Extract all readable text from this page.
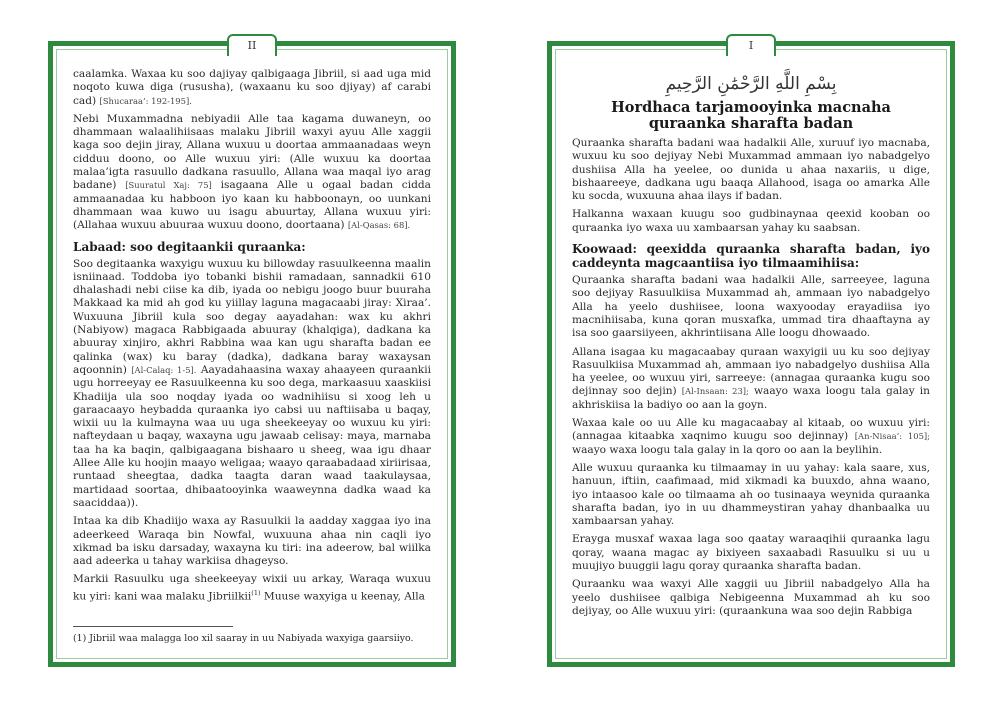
II

caalamka. Waxaa ku soo dajiyay qalbigaaga Jibriil, si aad uga mid noqoto kuwa diga (rususha), (waxaanu ku soo djiyay) af carabi cad) [Shucaraa’: 192-195].

Nebi Muxammadna nebiyadii Alle taa kagama duwaneyn, oo dhammaan walaalihiisaas malaku Jibriil waxyi ayuu Alle xaggii kaga soo dejin jiray, Allana wuxuu u doortaa ammaanadaas weyn cidduu doono, oo Alle wuxuu yiri: (Alle wuxuu ka doortaa malaa’igta rasuullo dadkana rasuullo, Allana waa maqal iyo arag badane) [Suuratul Xaj: 75] isagaana Alle u ogaal badan cidda ammaanadaa ku habboon iyo kaan ku habboonayn, oo uunkani dhammaan waa kuwo uu isagu abuurtay, Allana wuxuu yiri: (Allahaa wuxuu abuuraa wuxuu doono, doortaana) [Al-Qasas: 68].

Labaad: soo degitaankii quraanka:

Soo degitaanka waxyigu wuxuu ku billowday rasuulkeenna maalin isniinaad. Toddoba iyo tobanki bishii ramadaan, sannadkii 610 dhalashadi nebi ciise ka dib, iyada oo nebigu joogo buur buuraha Makkaad ka mid ah god ku yiillay laguna magacaabi jiray: Xiraa’. Wuxuuna Jibriil kula soo degay aayadahan: wax ku akhri (Nabiyow) magaca Rabbigaada abuuray (khalqiga), dadkana ka abuuray xinjiro, akhri Rabbina waa kan ugu sharafta badan ee qalinka (wax) ku baray (dadka), dadkana baray waxaysan aqoonnin) [Al-Calaq: 1-5]. Aayadahaasina waxay ahaayeen quraankii ugu horreeyay ee Rasuulkeenna ku soo dega, markaasuu xaaskiisi Khadiija ula soo noqday iyada oo wadnihiisu si xoog leh u garaacaayo heybadda quraanka iyo cabsi uu naftiisaba u baqay, wixii uu la kulmayna waa uu uga sheekeeyay oo wuxuu ku yiri: nafteydaan u baqay, waxayna ugu jawaab celisay: maya, marnaba taa ha ka baqin, qalbigaagana bishaaro u sheeg, waa igu dhaar Allee Alle ku hoojin maayo weligaa; waayo qaraabadaad xiriirisaa, runtaad sheegtaa, dadka taagta daran waad taakulaysaa, martidaad soortaa, dhibaatooyinka waaweynna dadka waad ka saaciddaa)).

Intaa ka dib Khadiijo waxa ay Rasuulkii la aadday xaggaa iyo ina adeerkeed Waraqa bin Nowfal, wuxuuna ahaa nin caqli iyo xikmad ba isku darsaday, waxayna ku tiri: ina adeerow, bal wiilka aad adeerka u tahay warkiisa dhageyso.

Markii Rasuulku uga sheekeeyay wixii uu arkay, Waraqa wuxuu ku yiri: kani waa malaku Jibriilkii$^{(1)}$ Muuse waxyiga u keenay, Alla

(1) Jibriil waa malagga loo xil saaray in uu Nabiyada waxyiga gaarsiiyo.
I
بِسْمِ اللَّهِ الرَّحْمَٰنِ الرَّحِيمِ
Hordhaca tarjamooyinka macnaha
quraanka sharafta badan

Quraanka sharafta badani waa hadalkii Alle, xuruuf iyo macnaba, wuxuu ku soo dejiyay Nebi Muxammad ammaan iyo nabadgelyo dushiisa Alla ha yeelee, oo dunida u ahaa naxariis, u dige, bishaareeye, dadkana ugu baaqa Allahood, isaga oo amarka Alle ku socda, wuxuuna ahaa ilays if badan.

Halkanna waxaan kuugu soo gudbinaynaa qeexid kooban oo quraanka iyo waxa uu xambaarsan yahay ku saabsan.

Koowaad: qeexidda quraanka sharafta badan, iyo caddeynta magcaantiisa iyo tilmaamihiisa:

Quraanka sharafta badani waa hadalkii Alle, sarreeyee, laguna soo dejiyay Rasuulkiisa Muxammad ah, ammaan iyo nabadgelyo Alla ha yeelo dushiisee, loona waxyooday erayadiisa iyo macnihiisaba, kuna qoran musxafka, ummad tira dhaaftayna ay isa soo gaarsiiyeen, akhrintiisana Alle loogu dhowaado.

Allana isagaa ku magacaabay quraan waxyigii uu ku soo dejiyay Rasuulkiisa Muxammad ah, ammaan iyo nabadgelyo dushiisa Alla ha yeelee, oo wuxuu yiri, sarreeye: (annagaa quraanka kugu soo dejinnay soo dejin) [Al-Insaan: 23]; waayo waxa loogu tala galay in akhriskiisa la badiyo oo aan la goyn.

Waxaa kale oo uu Alle ku magacaabay al kitaab, oo wuxuu yiri: (annagaa kitaabka xaqnimo kuugu soo dejinnay) [An-Nisaa’: 105]; waayo waxa loogu tala galay in la qoro oo aan la beylihin.

Alle wuxuu quraanka ku tilmaamay in uu yahay: kala saare, xus, hanuun, iftiin, caafimaad, mid xikmadi ka buuxdo, ahna waano, iyo intaasoo kale oo tilmaama ah oo tusinaaya weynida quraanka sharafta badan, iyo in uu dhammeystiran yahay dhanbaalka uu xambaarsan yahay.

Erayga musxaf waxaa laga soo qaatay waraaqihii quraanka lagu qoray, waana magac ay bixiyeen saxaabadi Rasuulku si uu u muujiyo buuggii lagu qoray quraanka sharafta badan.

Quraanku waa waxyi Alle xaggii uu Jibriil nabadgelyo Alla ha yeelo dushiisee qalbiga Nebigeenna Muxammad ah ku soo dejiyay, oo Alle wuxuu yiri: (quraankuna waa soo dejin Rabbiga
